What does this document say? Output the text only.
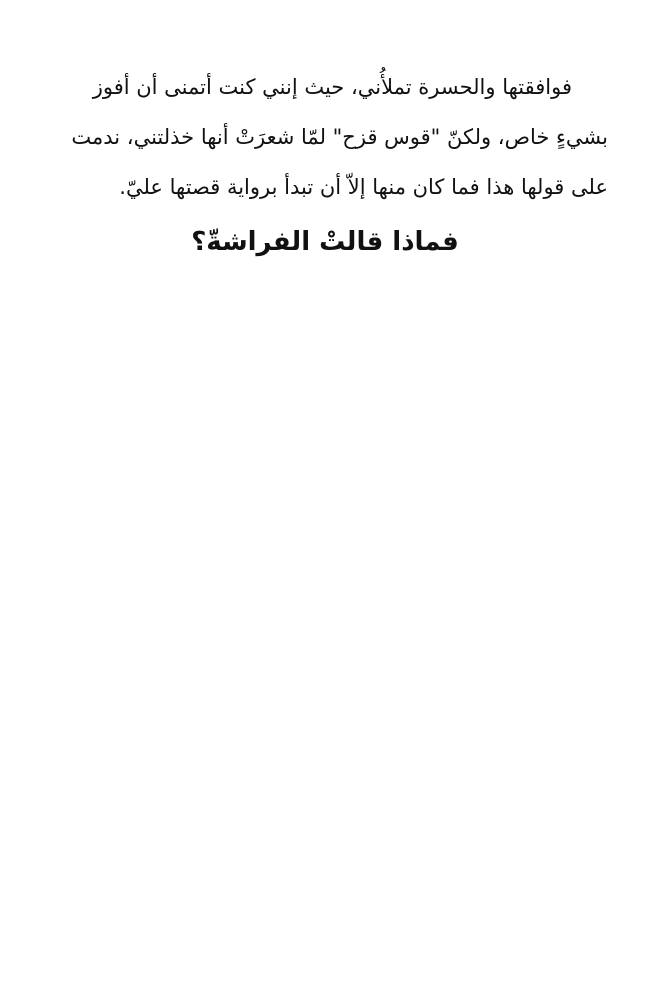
فوافقتها والحسرة تملأُني، حيث إنني كنت أتمنى أن أفوز
بشيءٍ خاص، ولكنّ "قوس قزح" لمّا شعرَتْ أنها خذلتني، ندمت
على قولها هذا فما كان منها إلاّ أن تبدأ برواية قصتها عليّ.
فماذا قالتْ الفراشةّ؟
